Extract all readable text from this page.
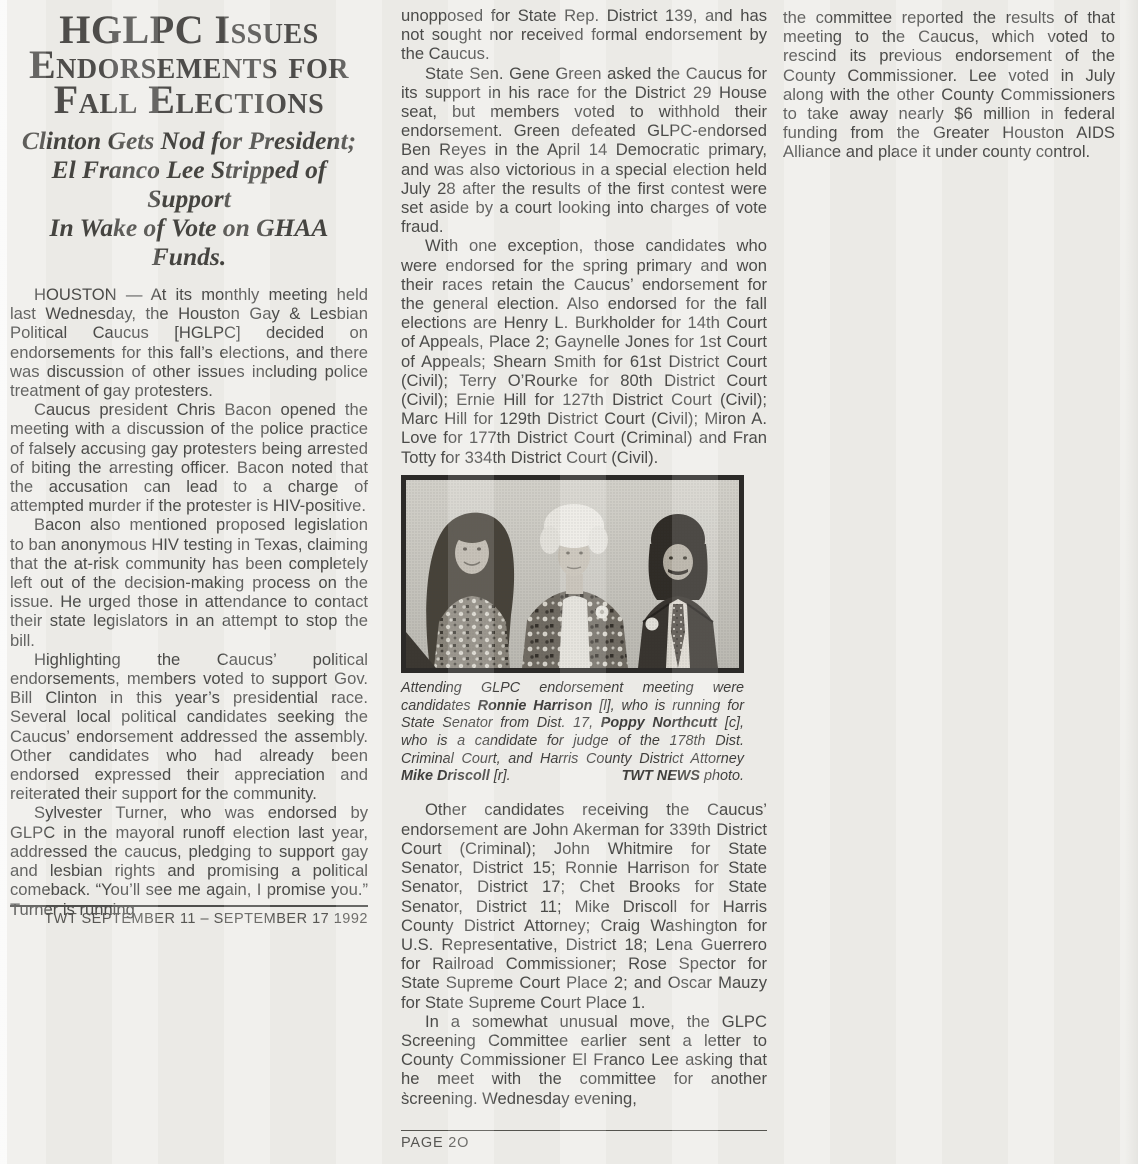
HGLPC Issues
Endorsements for
Fall Elections
Clinton Gets Nod for President;
El Franco Lee Stripped of Support
In Wake of Vote on GHAA Funds.

HOUSTON — At its monthly meeting held last Wednesday, the Houston Gay & Lesbian Political Caucus [HGLPC] decided on endorsements for this fall’s elections, and there was discussion of other issues including police treatment of gay protesters.

Caucus president Chris Bacon opened the meeting with a discussion of the police practice of falsely accusing gay protesters being arrested of biting the arresting officer. Bacon noted that the accusation can lead to a charge of attempted murder if the protester is HIV-positive.

Bacon also mentioned proposed legislation to ban anonymous HIV testing in Texas, claiming that the at-risk community has been completely left out of the decision-making process on the issue. He urged those in attendance to contact their state legislators in an attempt to stop the bill.

Highlighting the Caucus’ political endorsements, members voted to support Gov. Bill Clinton in this year’s presidential race. Several local political candidates seeking the Caucus’ endorsement addressed the assembly. Other candidates who had already been endorsed expressed their appreciation and reiterated their support for the community.

Sylvester Turner, who was endorsed by GLPC in the mayoral runoff election last year, addressed the caucus, pledging to support gay and lesbian rights and promising a political comeback. “You’ll see me again, I promise you.” Turner is running

TWT SEPTEMBER 11 – SEPTEMBER 17 1992

unopposed for State Rep. District 139, and has not sought nor received formal endorsement by the Caucus.

State Sen. Gene Green asked the Caucus for its support in his race for the District 29 House seat, but members voted to withhold their endorsement. Green defeated GLPC-endorsed Ben Reyes in the April 14 Democratic primary, and was also victorious in a special election held July 28 after the results of the first contest were set aside by a court looking into charges of vote fraud.

With one exception, those candidates who were endorsed for the spring primary and won their races retain the Caucus’ endorsement for the general election. Also endorsed for the fall elections are Henry L. Burkholder for 14th Court of Appeals, Place 2; Gaynelle Jones for 1st Court of Appeals; Shearn Smith for 61st District Court (Civil); Terry O’Rourke for 80th District Court (Civil); Ernie Hill for 127th District Court (Civil); Marc Hill for 129th District Court (Civil); Miron A. Love for 177th District Court (Criminal) and Fran Totty for 334th District Court (Civil).

Attending GLPC endorsement meeting were candidates Ronnie Harrison [l], who is running for State Senator from Dist. 17, Poppy Northcutt [c], who is a candidate for judge of the 178th Dist. Criminal Court, and Harris County District Attorney Mike Driscoll [r].	TWT NEWS photo.

Other candidates receiving the Caucus’ endorsement are John Akerman for 339th District Court (Criminal); John Whitmire for State Senator, District 15; Ronnie Harrison for State Senator, District 17; Chet Brooks for State Senator, District 11; Mike Driscoll for Harris County District Attorney; Craig Washington for U.S. Representative, District 18; Lena Guerrero for Railroad Commissioner; Rose Spector for State Supreme Court Place 2; and Oscar Mauzy for State Supreme Court Place 1.

In a somewhat unusual move, the GLPC Screening Committee earlier sent a letter to County Commissioner El Franco Lee asking that he meet with the committee for another s̀creening. Wednesday evening,

PAGE 2O

the committee reported the results of that meeting to the Caucus, which voted to rescind its previous endorsement of the County Commissioner. Lee voted in July along with the other County Commissioners to take away nearly $6 million in federal funding from the Greater Houston AIDS Alliance and place it under county control.
